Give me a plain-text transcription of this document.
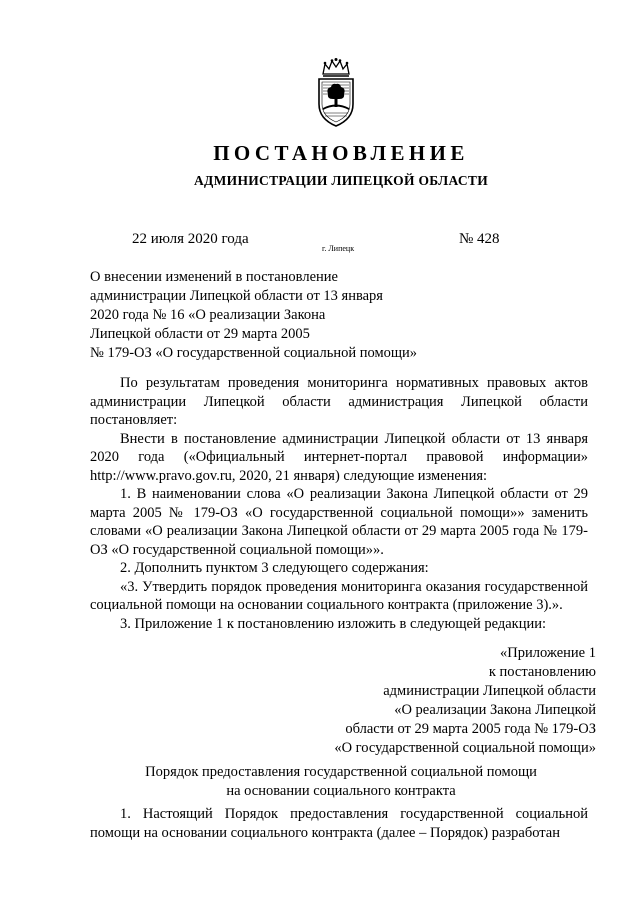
ПОСТАНОВЛЕНИЕ
АДМИНИСТРАЦИИ ЛИПЕЦКОЙ ОБЛАСТИ
22 июля 2020 года
г. Липецк
№ 428
О внесении изменений в постановление
администрации Липецкой области от 13 января
2020 года № 16 «О реализации Закона
Липецкой области от 29 марта 2005
№ 179-ОЗ «О государственной социальной помощи»

По результатам проведения мониторинга нормативных правовых актов администрации Липецкой области администрация Липецкой области постановляет:

Внести в постановление администрации Липецкой области от 13 января 2020 года («Официальный интернет-портал правовой информации» http://www.pravo.gov.ru, 2020, 21 января) следующие изменения:

1. В наименовании слова «О реализации Закона Липецкой области от 29 марта 2005 № 179-ОЗ «О государственной социальной помощи»» заменить словами «О реализации Закона Липецкой области от 29 марта 2005 года № 179-ОЗ «О государственной социальной помощи»».

2. Дополнить пунктом 3 следующего содержания:

«3. Утвердить порядок проведения мониторинга оказания государственной социальной помощи на основании социального контракта (приложение 3).».

3. Приложение 1 к постановлению изложить в следующей редакции:

«Приложение 1
к постановлению
администрации Липецкой области
«О реализации Закона Липецкой
области от 29 марта 2005 года № 179-ОЗ
«О государственной социальной помощи»
Порядок предоставления государственной социальной помощи
на основании социального контракта

1. Настоящий Порядок предоставления государственной социальной помощи на основании социального контракта (далее – Порядок) разработан
